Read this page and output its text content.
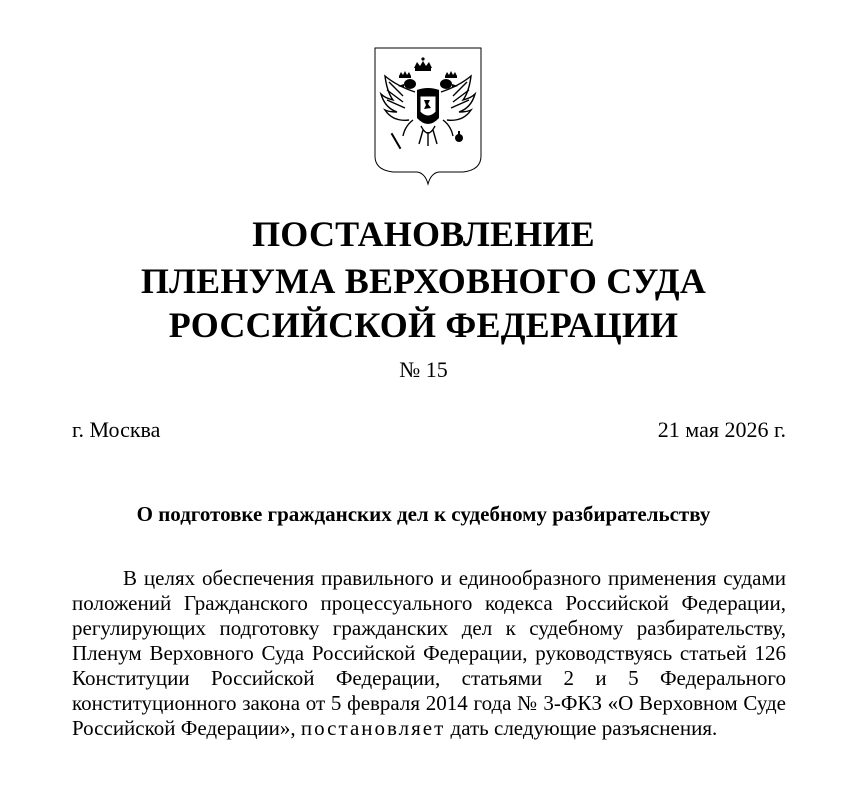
ПОСТАНОВЛЕНИЕ
ПЛЕНУМА ВЕРХОВНОГО СУДА
РОССИЙСКОЙ ФЕДЕРАЦИИ
№ 15
г. Москва	21 мая 2026 г.
О подготовке гражданских дел к судебному разбирательству

В целях обеспечения правильного и единообразного применения судами положений Гражданского процессуального кодекса Российской Федерации, регулирующих подготовку гражданских дел к судебному разбирательству, Пленум Верховного Суда Российской Федерации, руководствуясь статьей 126 Конституции Российской Федерации, статьями 2 и 5 Федерального конституционного закона от 5 февраля 2014 года № 3-ФКЗ «О Верховном Суде Российской Федерации», постановляет дать следующие разъяснения.
